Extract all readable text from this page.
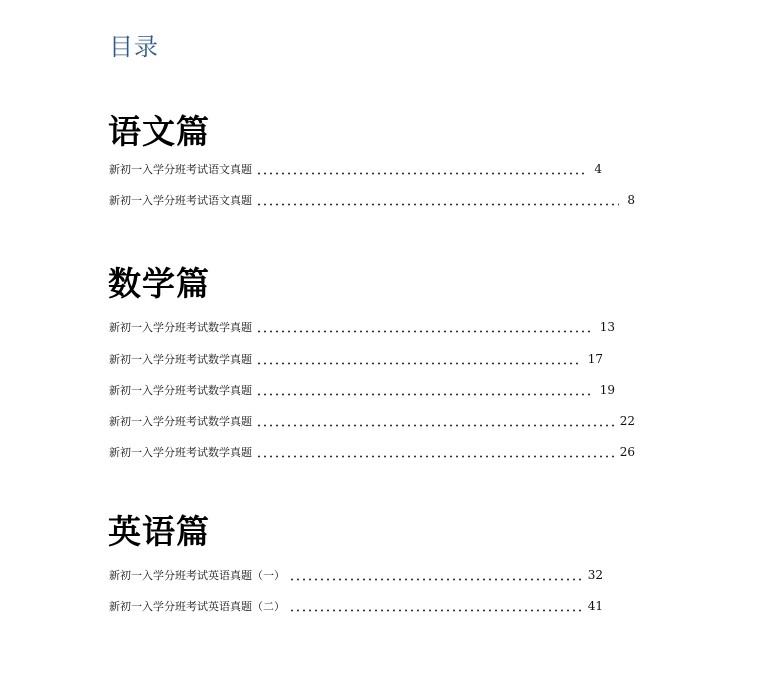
目录
语文篇
新初一入学分班考试语文真题	4
新初一入学分班考试语文真题	8
数学篇
新初一入学分班考试数学真题	13
新初一入学分班考试数学真题	17
新初一入学分班考试数学真题	19
新初一入学分班考试数学真题	22
新初一入学分班考试数学真题	26
英语篇
新初一入学分班考试英语真题（一）	32
新初一入学分班考试英语真题（二）	41
